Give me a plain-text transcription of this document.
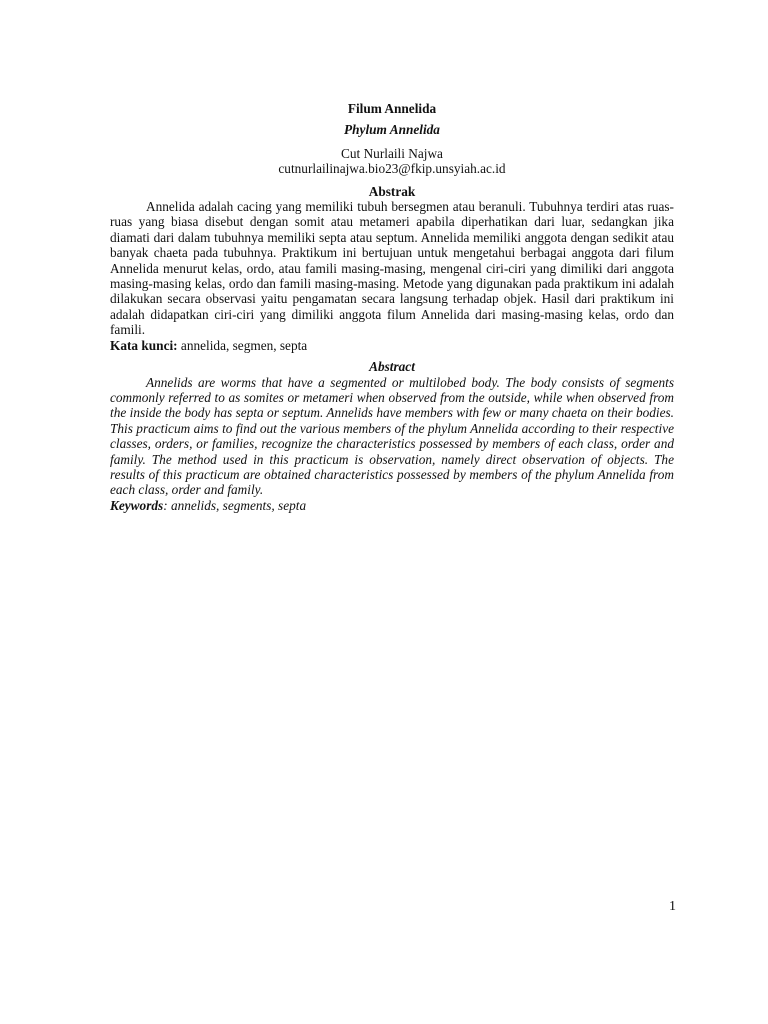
Filum Annelida

Phylum Annelida

Cut Nurlaili Najwa

cutnurlailinajwa.bio23@fkip.unsyiah.ac.id

Abstrak

Annelida adalah cacing yang memiliki tubuh bersegmen atau beranuli. Tubuhnya terdiri atas ruas-ruas yang biasa disebut dengan somit atau metameri apabila diperhatikan dari luar, sedangkan jika diamati dari dalam tubuhnya memiliki septa atau septum. Annelida memiliki anggota dengan sedikit atau banyak chaeta pada tubuhnya. Praktikum ini bertujuan untuk mengetahui berbagai anggota dari filum Annelida menurut kelas, ordo, atau famili masing-masing, mengenal ciri-ciri yang dimiliki dari anggota masing-masing kelas, ordo dan famili masing-masing. Metode yang digunakan pada praktikum ini adalah dilakukan secara observasi yaitu pengamatan secara langsung terhadap objek. Hasil dari praktikum ini adalah didapatkan ciri-ciri yang dimiliki anggota filum Annelida dari masing-masing kelas, ordo dan famili.

Kata kunci: annelida, segmen, septa

Abstract

Annelids are worms that have a segmented or multilobed body. The body consists of segments commonly referred to as somites or metameri when observed from the outside, while when observed from the inside the body has septa or septum. Annelids have members with few or many chaeta on their bodies. This practicum aims to find out the various members of the phylum Annelida according to their respective classes, orders, or families, recognize the characteristics possessed by members of each class, order and family. The method used in this practicum is observation, namely direct observation of objects. The results of this practicum are obtained characteristics possessed by members of the phylum Annelida from each class, order and family.

Keywords: annelids, segments, septa

1
